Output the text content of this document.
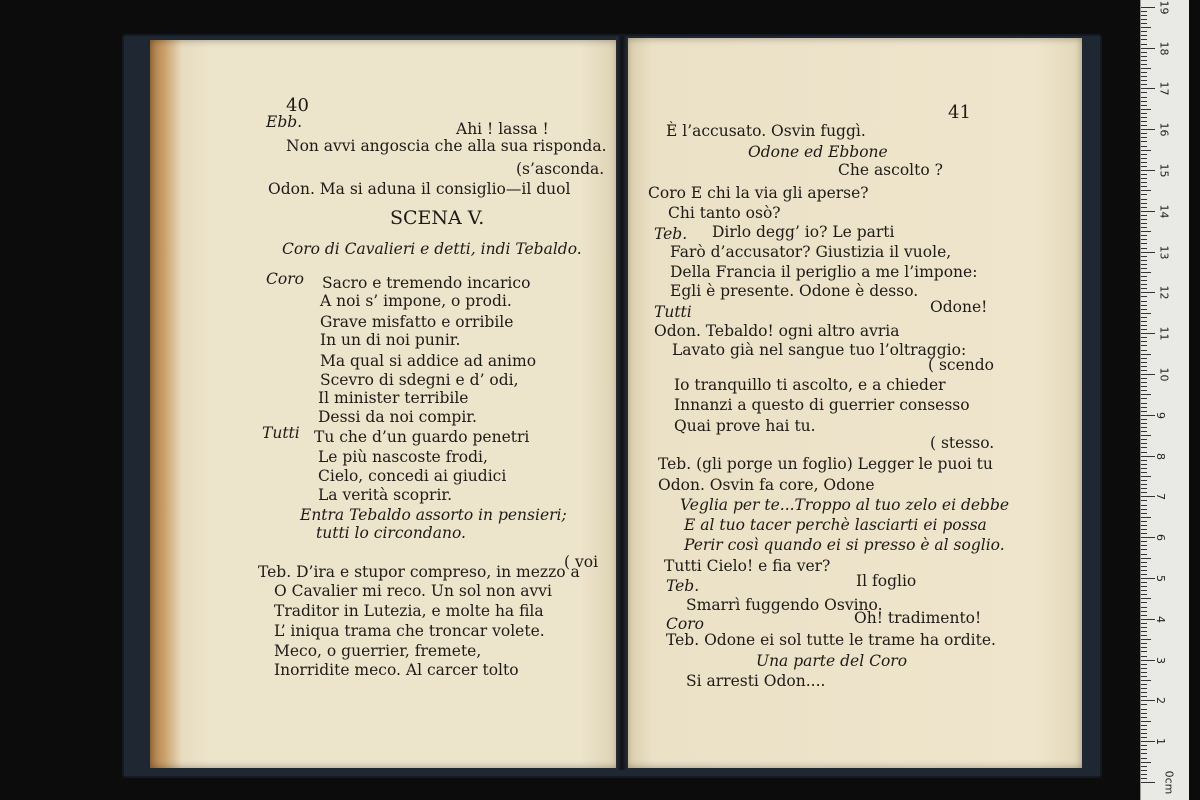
40
Ebb.	Ahi ! lassa !
Non avvi angoscia che alla sua risponda.
(s’asconda.
Odon. Ma si aduna il consiglio—il duol
SCENA V.
Coro di Cavalieri e detti, indi Tebaldo.
Coro Sacro e tremendo incarico
A noi s’ impone, o prodi.
Grave misfatto e orribile
In un di noi punir.
Ma qual si addice ad animo
Scevro di sdegni e d’ odi,
Il minister terribile
Dessi da noi compir.
Tutti Tu che d’un guardo penetri
Le più nascoste frodi,
Cielo, concedi ai giudici
La verità scoprir.
Entra Tebaldo assorto in pensieri;
tutti lo circondano.
( voi
Teb. D’ira e stupor compreso, in mezzo a
O Cavalier mi reco. Un sol non avvi
Traditor in Lutezia, e molte ha fila
L’ iniqua trama che troncar volete.
Meco, o guerrier, fremete,
Inorridite meco. Al carcer tolto
41
È l’accusato. Osvin fuggì.
Odone ed Ebbone
Che ascolto ?
Coro E chi la via gli aperse?
Chi tanto osò?
Teb. Dirlo degg’ io? Le parti
Farò d’accusator? Giustizia il vuole,
Della Francia il periglio a me l’impone:
Egli è presente. Odone è desso.
Tutti	Odone!
Odon. Tebaldo! ogni altro avria
Lavato già nel sangue tuo l’oltraggio:
( scendo
Io tranquillo ti ascolto, e a chieder
Innanzi a questo di guerrier consesso
Quai prove hai tu.
( stesso.
Teb. (gli porge un foglio) Legger le puoi tu
Odon. Osvin fa core, Odone
Veglia per te...Troppo al tuo zelo ei debbe
E al tuo tacer perchè lasciarti ei possa
Perir così quando ei si presso è al soglio.
Tutti Cielo! e fia ver?
Teb.	Il foglio
Smarrì fuggendo Osvino.
Coro	Oh! tradimento!
Teb. Odone ei sol tutte le trame ha ordite.
Una parte del Coro
Si arresti Odon....
0cm
1
2
3
4
5
6
7
8
9
10
11
12
13
14
15
16
17
18
19
